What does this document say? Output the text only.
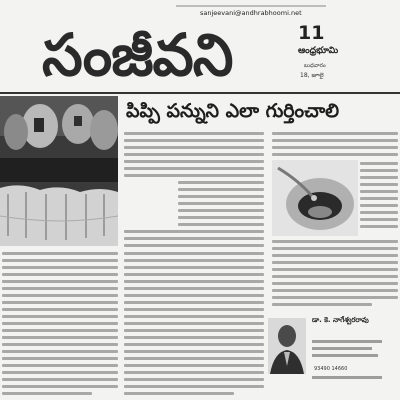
sanjeevani@andhrabhoomi.net
సంజీవని	11
ఆంధ్రభూమి
బుధవారం
18, జూలై
పిప్పి పన్నుని ఎలా గుర్తించాలి
డా. కె. నాగేశ్వరరావు
93490 14660
